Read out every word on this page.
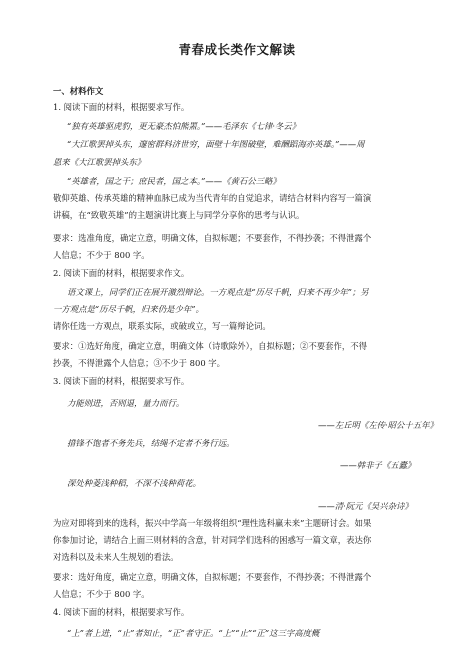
青春成长类作文解读
一、材料作文
1. 阅读下面的材料，根据要求写作。
“独有英雄驱虎豹，更无豪杰怕熊罴。”——毛泽东《七律·冬云》
“大江歌罢掉头东，邃密群科济世穷，面壁十年图破壁，难酬蹈海亦英雄。”——周
恩来《大江歌罢掉头东》
“英雄者，国之干；庶民者，国之本。”——《黄石公三略》
敬仰英雄、传承英雄的精神血脉已成为当代青年的自觉追求，请结合材料内容写一篇演
讲稿，在“致敬英雄”的主题演讲比赛上与同学分享你的思考与认识。
要求：选准角度，确定立意，明确文体，自拟标题；不要套作，不得抄袭；不得泄露个
人信息；不少于 800 字。
2. 阅读下面的材料，根据要求作文。
语文课上，同学们正在展开激烈辩论。一方观点是“历尽千帆，归来不再少年”；另
一方观点是“历尽千帆，归来仍是少年”。
请你任选一方观点，联系实际，或破或立，写一篇辩论词。
要求：①选好角度，确定立意，明确文体（诗歌除外），自拟标题；②不要套作，不得
抄袭，不得泄露个人信息；③不少于 800 字。
3. 阅读下面的材料，根据要求写作。
力能则进，否则退，量力而行。
——左丘明《左传·昭公十五年》
措锋不饱者不务先兵，结绳不定者不务行远。
——韩非子《五蠹》
深处种菱浅种稻，不深不浅种荷花。
——清·阮元《吴兴杂诗》
为应对即将到来的选科，振兴中学高一年级将组织“理性选科赢未来”主题研讨会。如果
你参加讨论，请结合上面三则材料的含意，针对同学们选科的困惑写一篇文章，表达你
对选科以及未来人生规划的看法。
要求：选好角度，确定立意，明确文体，自拟标题；不要套作，不得抄袭；不得泄露个
人信息；不少于 800 字。
4. 阅读下面的材料，根据要求写作。
“上”者上进，“止”者知止，“正”者守正。“上”“止”“正”这三字高度概
